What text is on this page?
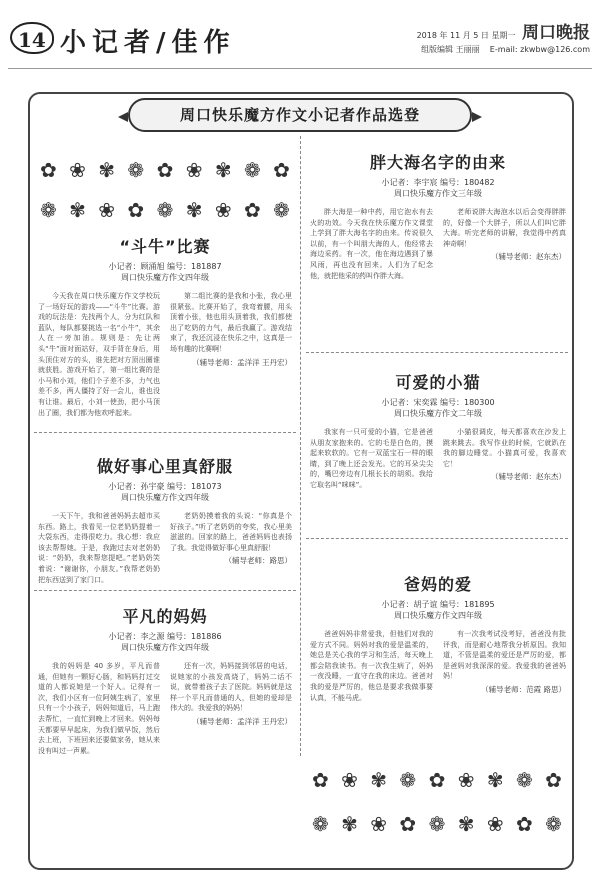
14 小记者/佳作	2018 年 11 月 5 日 星期一 周口晚报
组版编辑 王丽丽 E-mail: zkwbw@126.com
周口快乐魔方作文小记者作品选登
✿ ❀ ✾ ❁ ✿ ❀ ✾ ❁ ✿
❁ ✾ ❀ ✿ ❁ ✾ ❀ ✿ ❁
✿ ❀ ✾ ❁ ✿ ❀ ✾ ❁ ✿
❁ ✾ ❀ ✿ ❁ ✾ ❀ ✿ ❁
“斗牛”比赛
小记者：顾涌旭 编号：181887
周口快乐魔方作文四年级
今天我在周口快乐魔方作文学校玩了一场好玩的游戏——“斗牛”比赛。游戏的玩法是：先找两个人，分为红队和蓝队，每队都要挑选一名“小牛”，其余人在一旁加油。规则是：先让两头“牛”面对面站好，双手背在身后，用头顶住对方的头，谁先把对方顶出圈谁就获胜。游戏开始了，第一组比赛的是小马和小刘，他们个子差不多，力气也差不多，两人僵持了好一会儿，谁也没有让谁。最后，小刘一使劲，把小马顶出了圈，我们都为他欢呼起来。
第二组比赛的是我和小张，我心里很紧张。比赛开始了，我弯着腰，用头顶着小张，他也用头顶着我，我们都使出了吃奶的力气，最后我赢了。游戏结束了，我还沉浸在快乐之中，这真是一场有趣的比赛啊！
（辅导老师：孟洋洋 王丹宏）
做好事心里真舒服
小记者：孙宇豪 编号：181073
周口快乐魔方作文四年级
一天下午，我和爸爸妈妈去超市买东西。路上，我看见一位老奶奶提着一大袋东西，走得很吃力。我心想：我应该去帮帮她。于是，我跑过去对老奶奶说：“奶奶，我来帮您提吧。”老奶奶笑着说：“谢谢你，小朋友。”我帮老奶奶把东西送到了家门口。
老奶奶摸着我的头说：“你真是个好孩子。”听了老奶奶的夸奖，我心里美滋滋的。回家的路上，爸爸妈妈也表扬了我。我觉得做好事心里真舒服！
（辅导老师：路思）
平凡的妈妈
小记者：李之源 编号：181886
周口快乐魔方作文四年级
我的妈妈是 40 多岁，平凡而普通，但她有一颗好心肠，和妈妈打过交道的人都说她是一个好人。记得有一次，我们小区有一位阿姨生病了，家里只有一个小孩子，妈妈知道后，马上跑去帮忙，一直忙到晚上才回来。妈妈每天都要早早起床，为我们做早饭，然后去上班，下班回来还要做家务，她从来没有叫过一声累。
还有一次，妈妈接到邻居的电话，说她家的小孩发高烧了，妈妈二话不说，就带着孩子去了医院。妈妈就是这样一个平凡而普通的人，但她的爱却是伟大的。我爱我的妈妈！
（辅导老师：孟洋洋 王丹宏）
胖大海名字的由来
小记者：李宇宸 编号：180482
周口快乐魔方作文三年级
胖大海是一种中药，用它泡水有去火的功效。今天我在快乐魔方作文课堂上学到了胖大海名字的由来。传说很久以前，有一个叫朋大海的人，他经常去海边采药。有一次，他在海边遇到了暴风雨，再也没有回来。人们为了纪念他，就把他采的药叫作胖大海。
老师说胖大海泡水以后会变得胖胖的，好像一个大胖子，所以人们叫它胖大海。听完老师的讲解，我觉得中药真神奇啊！
（辅导老师：赵东杰）
可爱的小猫
小记者：宋奕霖 编号：180300
周口快乐魔方作文二年级
我家有一只可爱的小猫，它是爸爸从朋友家抱来的。它的毛是白色的，摸起来软软的。它有一双蓝宝石一样的眼睛，到了晚上还会发光。它的耳朵尖尖的，嘴巴旁边有几根长长的胡须。我给它取名叫“咪咪”。
小猫很调皮，每天都喜欢在沙发上跳来跳去。我写作业的时候，它就趴在我的脚边睡觉。小猫真可爱，我喜欢它！
（辅导老师：赵东杰）
爸妈的爱
小记者：胡子谊 编号：181895
周口快乐魔方作文四年级
爸爸妈妈非常爱我，但他们对我的爱方式不同。妈妈对我的爱是温柔的，她总是关心我的学习和生活，每天晚上都会陪我读书。有一次我生病了，妈妈一夜没睡，一直守在我的床边。爸爸对我的爱是严厉的，他总是要求我做事要认真，不能马虎。
有一次我考试没考好，爸爸没有批评我，而是耐心地帮我分析原因。我知道，不管是温柔的爱还是严厉的爱，都是爸妈对我深深的爱。我爱我的爸爸妈妈！
（辅导老师：范霞 路思）
